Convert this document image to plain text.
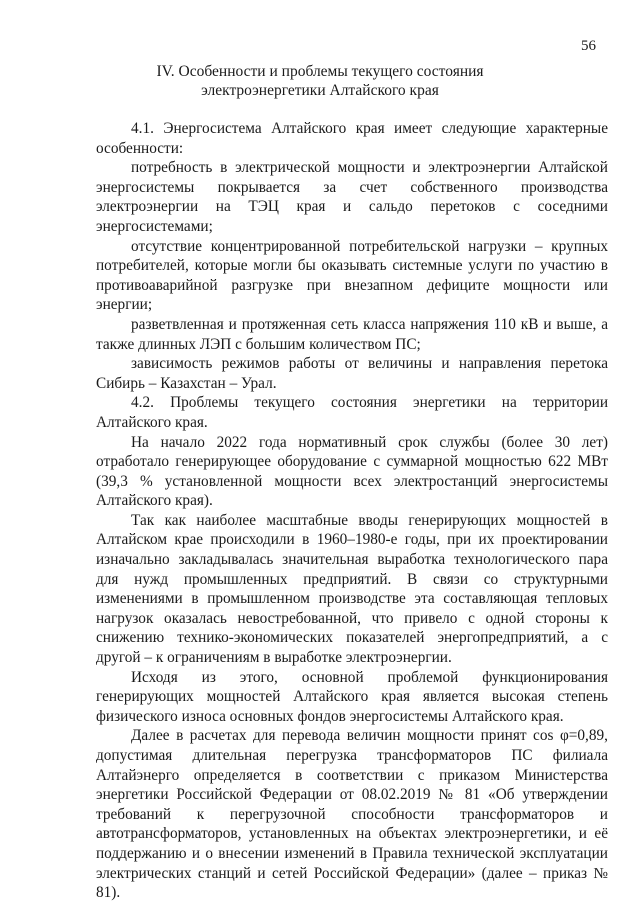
56
IV. Особенности и проблемы текущего состояния
электроэнергетики Алтайского края

4.1. Энергосистема Алтайского края имеет следующие характерные особенности:

потребность в электрической мощности и электроэнергии Алтайской энергосистемы покрывается за счет собственного производства электроэнергии на ТЭЦ края и сальдо перетоков с соседними энергосистемами;

отсутствие концентрированной потребительской нагрузки – крупных потребителей, которые могли бы оказывать системные услуги по участию в противоаварийной разгрузке при внезапном дефиците мощности или энергии;

разветвленная и протяженная сеть класса напряжения 110 кВ и выше, а также длинных ЛЭП с большим количеством ПС;

зависимость режимов работы от величины и направления перетока Сибирь – Казахстан – Урал.

4.2. Проблемы текущего состояния энергетики на территории Алтайского края.

На начало 2022 года нормативный срок службы (более 30 лет) отработало генерирующее оборудование с суммарной мощностью 622 МВт (39,3 % установленной мощности всех электростанций энергосистемы Алтайского края).

Так как наиболее масштабные вводы генерирующих мощностей в Алтайском крае происходили в 1960–1980-е годы, при их проектировании изначально закладывалась значительная выработка технологического пара для нужд промышленных предприятий. В связи со структурными изменениями в промышленном производстве эта составляющая тепловых нагрузок оказалась невостребованной, что привело с одной стороны к снижению технико-экономических показателей энергопредприятий, а с другой – к ограничениям в выработке электроэнергии.

Исходя из этого, основной проблемой функционирования генерирующих мощностей Алтайского края является высокая степень физического износа основных фондов энергосистемы Алтайского края.

Далее в расчетах для перевода величин мощности принят cos φ=0,89, допустимая длительная перегрузка трансформаторов ПС филиала Алтайэнерго определяется в соответствии с приказом Министерства энергетики Российской Федерации от 08.02.2019 № 81 «Об утверждении требований к перегрузочной способности трансформаторов и автотрансформаторов, установленных на объектах электроэнергетики, и её поддержанию и о внесении изменений в Правила технической эксплуатации электрических станций и сетей Российской Федерации» (далее – приказ № 81).
